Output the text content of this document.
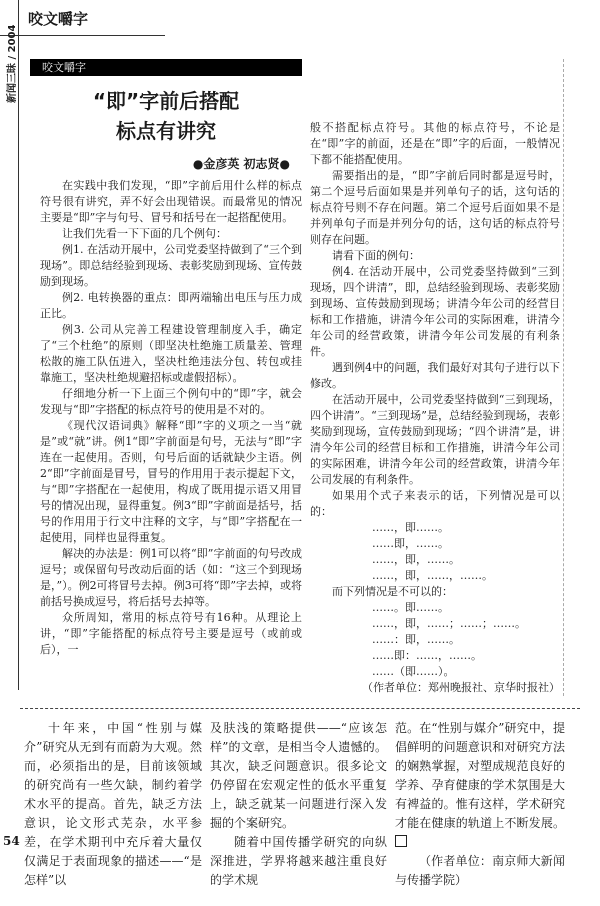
咬文嚼字
新闻三昧 / 2004	咬文嚼字
“即”字前后搭配
标点有讲究
●金彦英 初志贤●

在实践中我们发现，“即”字前后用什么样的标点符号很有讲究，弄不好会出现错误。而最常见的情况主要是“即”字与句号、冒号和括号在一起搭配使用。

让我们先看一下下面的几个例句：

例1. 在活动开展中，公司党委坚持做到了“三个到现场”。即总结经验到现场、表彰奖励到现场、宣传鼓励到现场。

例2. 电转换器的重点：即两端输出电压与压力成正比。

例3. 公司从完善工程建设管理制度入手，确定了“三个杜绝”的原则（即坚决杜绝施工质量差、管理松散的施工队伍进入，坚决杜绝违法分包、转包或挂靠施工，坚决杜绝规避招标或虚假招标）。

仔细地分析一下上面三个例句中的“即”字，就会发现与“即”字搭配的标点符号的使用是不对的。

《现代汉语词典》解释“即”字的义项之一当“就是”或“就”讲。例1“即”字前面是句号，无法与“即”字连在一起使用。否则，句号后面的话就缺少主语。例2“即”字前面是冒号，冒号的作用用于表示提起下文，与“即”字搭配在一起使用，构成了既用提示语又用冒号的情况出现，显得重复。例3“即”字前面是括号，括号的作用用于行文中注释的文字，与“即”字搭配在一起使用，同样也显得重复。

解决的办法是：例1可以将“即”字前面的句号改成逗号；或保留句号改动后面的话（如：“这三个到现场是，”）。例2可将冒号去掉。例3可将“即”字去掉，或将前括号换成逗号，将后括号去掉等。

众所周知，常用的标点符号有16种。从理论上讲，“即”字能搭配的标点符号主要是逗号（或前或后），一

般不搭配标点符号。其他的标点符号，不论是在“即”字的前面，还是在“即”字的后面，一般情况下都不能搭配使用。

需要指出的是，“即”字前后同时都是逗号时，第二个逗号后面如果是并列单句子的话，这句话的标点符号则不存在问题。第二个逗号后面如果不是并列单句子而是并列分句的话，这句话的标点符号则存在问题。

请看下面的例句：

例4. 在活动开展中，公司党委坚持做到“三到现场，四个讲清”，即，总结经验到现场、表彰奖励到现场、宣传鼓励到现场；讲清今年公司的经营目标和工作措施，讲清今年公司的实际困难，讲清今年公司的经营政策，讲清今年公司发展的有利条件。

遇到例4中的问题，我们最好对其句子进行以下修改。

在活动开展中，公司党委坚持做到“三到现场，四个讲清”。“三到现场”是，总结经验到现场，表彰奖励到现场，宣传鼓励到现场；“四个讲清”是，讲清今年公司的经营目标和工作措施，讲清今年公司的实际困难，讲清今年公司的经营政策，讲清今年公司发展的有利条件。

如果用个式子来表示的话，下列情况是可以的：

……，即……。

……即，……。

……，即，……。

……，即，……，……。

而下列情况是不可以的：

……。即……。

……，即，……；……；……。

……：即，……。

……即：……，……。

……（即……）。

（作者单位：郑州晚报社、京华时报社）

十年来，中国“性别与媒介”研究从无到有而蔚为大观。然而，必须指出的是，目前该领域的研究尚有一些欠缺，制约着学术水平的提高。首先，缺乏方法意识，论文形式芜杂，水平参差，在学术期刊中充斥着大量仅仅满足于表面现象的描述——“是怎样”以

及肤浅的策略提供——“应该怎样”的文章，是相当令人遗憾的。其次，缺乏问题意识。很多论文仍停留在宏观定性的低水平重复上，缺乏就某一问题进行深入发掘的个案研究。

随着中国传播学研究的向纵深推进，学界将越来越注重良好的学术规

范。在“性别与媒介”研究中，提倡鲜明的问题意识和对研究方法的娴熟掌握，对塑成规范良好的学养、孕育健康的学术氛围是大有裨益的。惟有这样，学术研究才能在健康的轨道上不断发展。

（作者单位：南京师大新闻与传播学院）

54
